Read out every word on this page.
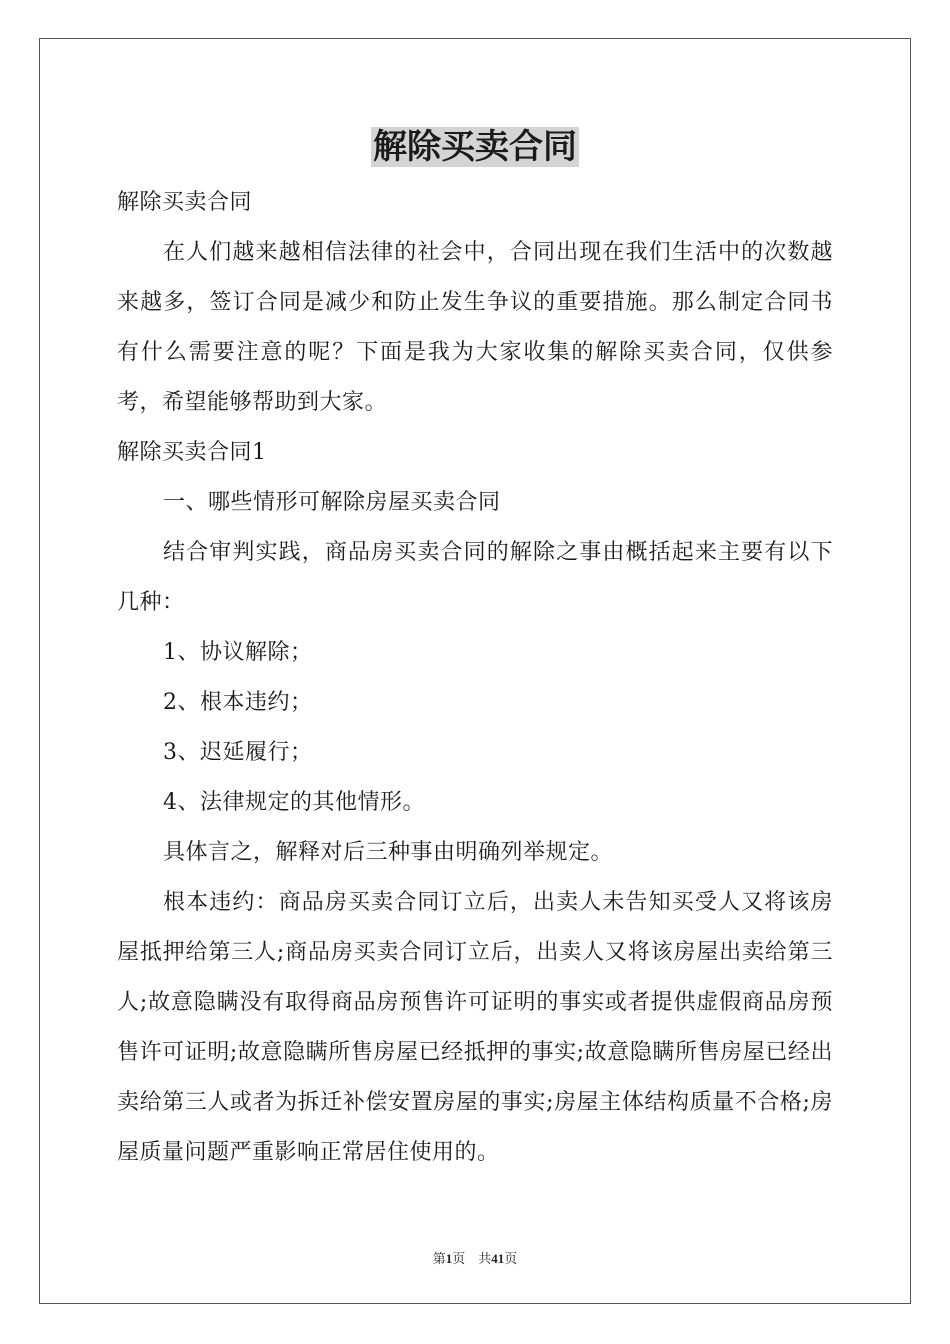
解除买卖合同

解除买卖合同

在人们越来越相信法律的社会中，合同出现在我们生活中的次数越来越多，签订合同是减少和防止发生争议的重要措施。那么制定合同书有什么需要注意的呢？下面是我为大家收集的解除买卖合同，仅供参考，希望能够帮助到大家。

解除买卖合同1

一、哪些情形可解除房屋买卖合同

结合审判实践，商品房买卖合同的解除之事由概括起来主要有以下几种：

1、协议解除；

2、根本违约；

3、迟延履行；

4、法律规定的其他情形。

具体言之，解释对后三种事由明确列举规定。

根本违约：商品房买卖合同订立后，出卖人未告知买受人又将该房屋抵押给第三人;商品房买卖合同订立后，出卖人又将该房屋出卖给第三人;故意隐瞒没有取得商品房预售许可证明的事实或者提供虚假商品房预售许可证明;故意隐瞒所售房屋已经抵押的事实;故意隐瞒所售房屋已经出卖给第三人或者为拆迁补偿安置房屋的事实;房屋主体结构质量不合格;房屋质量问题严重影响正常居住使用的。

第1页 共41页
